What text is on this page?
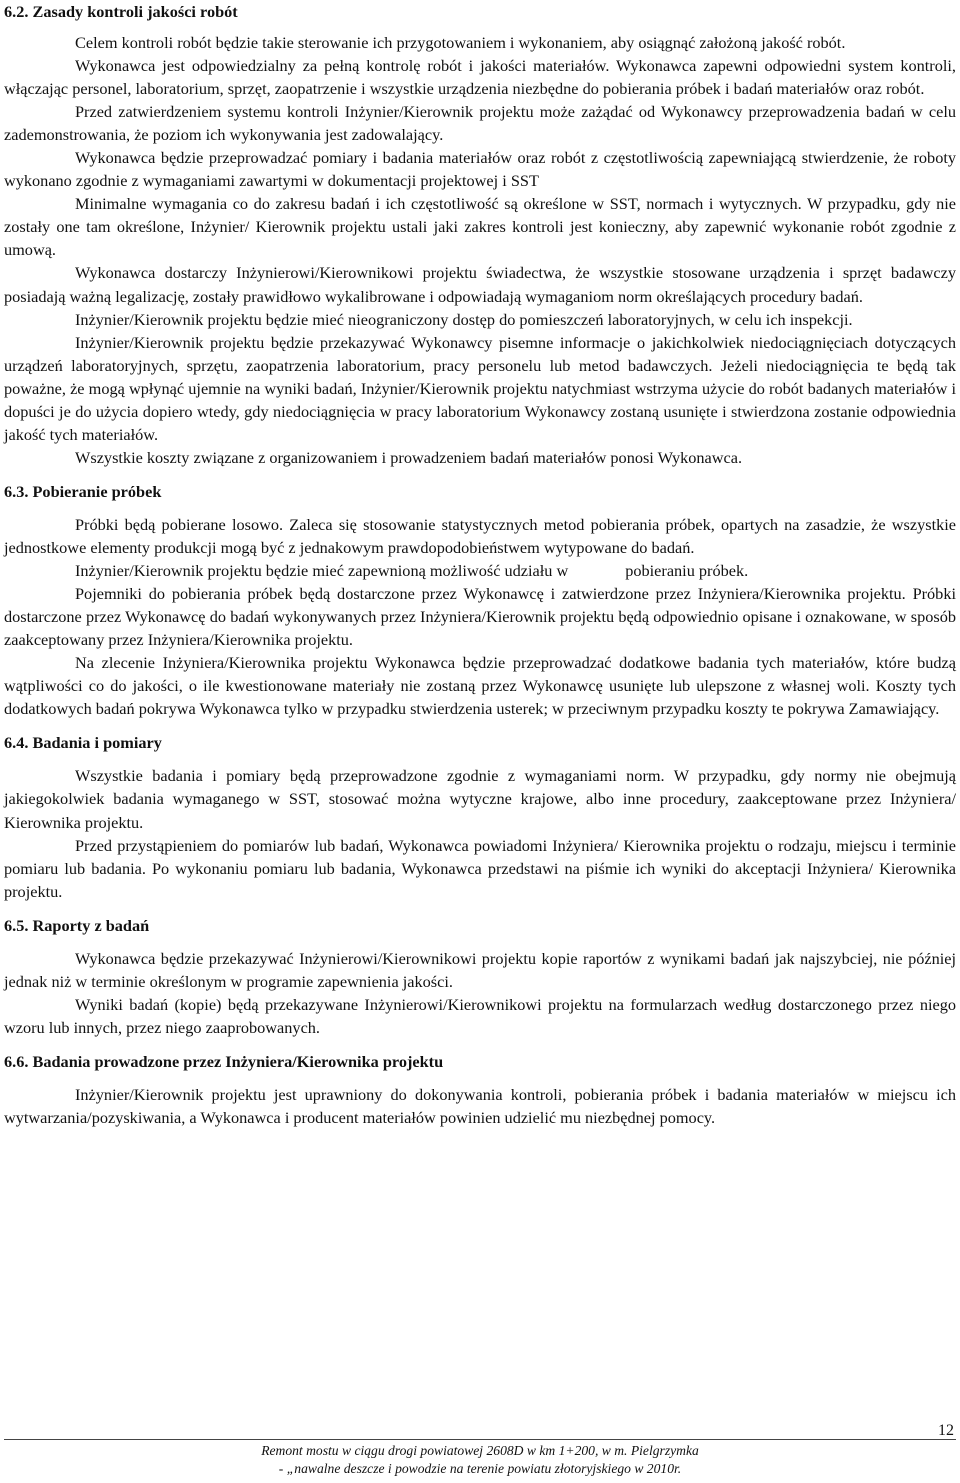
6.2. Zasady kontroli jakości robót

Celem kontroli robót będzie takie sterowanie ich przygotowaniem i wykonaniem, aby osiągnąć założoną jakość robót.

Wykonawca jest odpowiedzialny za pełną kontrolę robót i jakości materiałów. Wykonawca zapewni odpowiedni system kontroli, włączając personel, laboratorium, sprzęt, zaopatrzenie i wszystkie urządzenia niezbędne do pobierania próbek i badań materiałów oraz robót.

Przed zatwierdzeniem systemu kontroli Inżynier/Kierownik projektu może zażądać od Wykonawcy przeprowadzenia badań w celu zademonstrowania, że poziom ich wykonywania jest zadowalający.

Wykonawca będzie przeprowadzać pomiary i badania materiałów oraz robót z częstotliwością zapewniającą stwierdzenie, że roboty wykonano zgodnie z wymaganiami zawartymi w dokumentacji projektowej i SST

Minimalne wymagania co do zakresu badań i ich częstotliwość są określone w SST, normach i wytycznych. W przypadku, gdy nie zostały one tam określone, Inżynier/ Kierownik projektu ustali jaki zakres kontroli jest konieczny, aby zapewnić wykonanie robót zgodnie z umową.

Wykonawca dostarczy Inżynierowi/Kierownikowi projektu świadectwa, że wszystkie stosowane urządzenia i sprzęt badawczy posiadają ważną legalizację, zostały prawidłowo wykalibrowane i odpowiadają wymaganiom norm określających procedury badań.

Inżynier/Kierownik projektu będzie mieć nieograniczony dostęp do pomieszczeń laboratoryjnych, w celu ich inspekcji.

Inżynier/Kierownik projektu będzie przekazywać Wykonawcy pisemne informacje o jakichkolwiek niedociągnięciach dotyczących urządzeń laboratoryjnych, sprzętu, zaopatrzenia laboratorium, pracy personelu lub metod badawczych. Jeżeli niedociągnięcia te będą tak poważne, że mogą wpłynąć ujemnie na wyniki badań, Inżynier/Kierownik projektu natychmiast wstrzyma użycie do robót badanych materiałów i dopuści je do użycia dopiero wtedy, gdy niedociągnięcia w pracy laboratorium Wykonawcy zostaną usunięte i stwierdzona zostanie odpowiednia jakość tych materiałów.

Wszystkie koszty związane z organizowaniem i prowadzeniem badań materiałów ponosi Wykonawca.

6.3. Pobieranie próbek

Próbki będą pobierane losowo. Zaleca się stosowanie statystycznych metod pobierania próbek, opartych na zasadzie, że wszystkie jednostkowe elementy produkcji mogą być z jednakowym prawdopodobieństwem wytypowane do badań.

Inżynier/Kierownik projektu będzie mieć zapewnioną możliwość udziału w              pobieraniu próbek.

Pojemniki do pobierania próbek będą dostarczone przez Wykonawcę i zatwierdzone przez Inżyniera/Kierownika projektu. Próbki dostarczone przez Wykonawcę do badań wykonywanych przez Inżyniera/Kierownik projektu będą odpowiednio opisane i oznakowane, w sposób zaakceptowany przez Inżyniera/Kierownika projektu.

Na zlecenie Inżyniera/Kierownika projektu Wykonawca będzie przeprowadzać dodatkowe badania tych materiałów, które budzą wątpliwości co do jakości, o ile kwestionowane materiały nie zostaną przez Wykonawcę usunięte lub ulepszone z własnej woli. Koszty tych dodatkowych badań pokrywa Wykonawca tylko w przypadku stwierdzenia usterek; w przeciwnym przypadku koszty te pokrywa Zamawiający.

6.4. Badania i pomiary

Wszystkie badania i pomiary będą przeprowadzone zgodnie z wymaganiami norm. W przypadku, gdy normy nie obejmują jakiegokolwiek badania wymaganego w SST, stosować można wytyczne krajowe, albo inne procedury, zaakceptowane przez Inżyniera/ Kierownika projektu.

Przed przystąpieniem do pomiarów lub badań, Wykonawca powiadomi Inżyniera/ Kierownika projektu o rodzaju, miejscu i terminie pomiaru lub badania. Po wykonaniu pomiaru lub badania, Wykonawca przedstawi na piśmie ich wyniki do akceptacji Inżyniera/ Kierownika projektu.

6.5. Raporty z badań

Wykonawca będzie przekazywać Inżynierowi/Kierownikowi projektu kopie raportów z wynikami badań jak najszybciej, nie później jednak niż w terminie określonym w programie zapewnienia jakości.

Wyniki badań (kopie) będą przekazywane Inżynierowi/Kierownikowi projektu na formularzach według dostarczonego przez niego wzoru lub innych, przez niego zaaprobowanych.

6.6. Badania prowadzone przez Inżyniera/Kierownika projektu

Inżynier/Kierownik projektu jest uprawniony do dokonywania kontroli, pobierania próbek i badania materiałów w miejscu ich wytwarzania/pozyskiwania, a Wykonawca i producent materiałów powinien udzielić mu niezbędnej pomocy.

12
Remont mostu w ciągu drogi powiatowej 2608D w km 1+200, w m. Pielgrzymka
- „nawalne deszcze i powodzie na terenie powiatu złotoryjskiego w 2010r.
